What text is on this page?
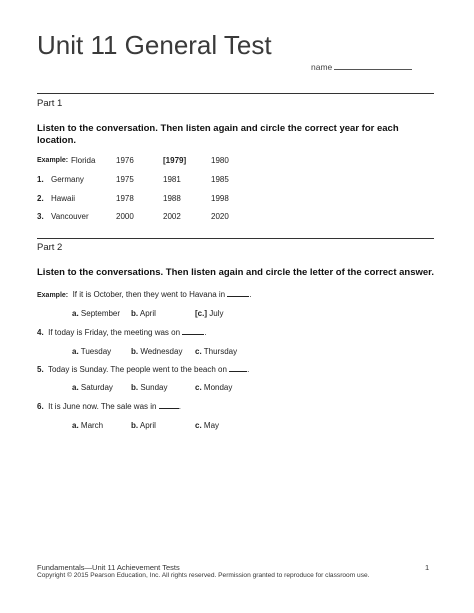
Unit 11 General Test
name
Part 1
Listen to the conversation. Then listen again and circle the correct year for each
location.
Example: Florida	1976	[1979]	1980
1. Germany	1975	1981	1985
2. Hawaii	1978	1988	1998
3. Vancouver	2000	2002	2020
Part 2
Listen to the conversations. Then listen again and circle the letter of the correct answer.
Example: If it is October, then they went to Havana in	.
a. September b. April	[c.] July
4. If today is Friday, the meeting was on	.
a. Tuesday b. Wednesday c. Thursday
5. Today is Sunday. The people went to the beach on	.
a. Saturday b. Sunday	c. Monday
6. It is June now. The sale was in	.
a. March	b. April	c. May
Fundamentals—Unit 11 Achievement Tests	1
Copyright © 2015 Pearson Education, Inc. All rights reserved. Permission granted to reproduce for classroom use.
